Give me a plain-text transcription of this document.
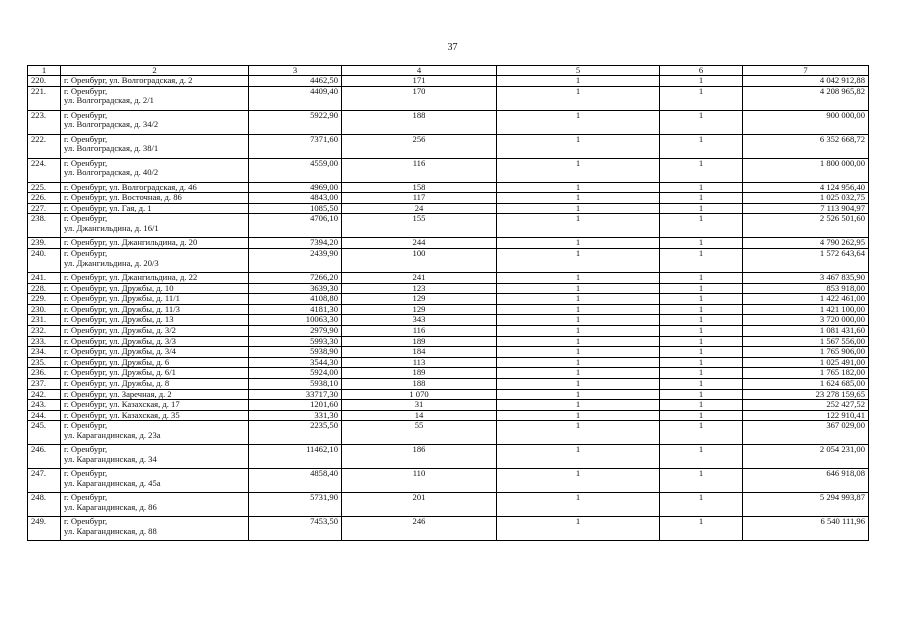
37
1	2	3	4	5	6	7
220.	г. Оренбург, ул. Волгоградская, д. 2	4462,50	171	1	1	4 042 912,88
221.	г. Оренбург,
ул. Волгоградская, д. 2/1	4409,40	170	1	1	4 208 965,82
223.	г. Оренбург,
ул. Волгоградская, д. 34/2	5922,90	188	1	1	900 000,00
222.	г. Оренбург,
ул. Волгоградская, д. 38/1	7371,60	256	1	1	6 352 668,72
224.	г. Оренбург,
ул. Волгоградская, д. 40/2	4559,00	116	1	1	1 800 000,00
225.	г. Оренбург, ул. Волгоградская, д. 46	4969,00	158	1	1	4 124 956,40
226.	г. Оренбург, ул. Восточная, д. 86	4843,00	117	1	1	1 025 032,75
227.	г. Оренбург, ул. Гая, д. 1	1085,50	24	1	1	7 113 904,97
238.	г. Оренбург,
ул. Джангильдина, д. 16/1	4706,10	155	1	1	2 526 501,60
239.	г. Оренбург, ул. Джангильдина, д. 20	7394,20	244	1	1	4 790 262,95
240.	г. Оренбург,
ул. Джангильдина, д. 20/3	2439,90	100	1	1	1 572 643,64
241.	г. Оренбург, ул. Джангильдина, д. 22	7266,20	241	1	1	3 467 835,90
228.	г. Оренбург, ул. Дружбы, д. 10	3639,30	123	1	1	853 918,00
229.	г. Оренбург, ул. Дружбы, д. 11/1	4108,80	129	1	1	1 422 461,00
230.	г. Оренбург, ул. Дружбы, д. 11/3	4181,30	129	1	1	1 421 100,00
231.	г. Оренбург, ул. Дружбы, д. 13	10063,30	343	1	1	3 720 000,00
232.	г. Оренбург, ул. Дружбы, д. 3/2	2979,90	116	1	1	1 081 431,60
233.	г. Оренбург, ул. Дружбы, д. 3/3	5993,30	189	1	1	1 567 556,00
234.	г. Оренбург, ул. Дружбы, д. 3/4	5938,90	184	1	1	1 765 906,00
235.	г. Оренбург, ул. Дружбы, д. 6	3544,30	113	1	1	1 025 491,00
236.	г. Оренбург, ул. Дружбы, д. 6/1	5924,00	189	1	1	1 765 182,00
237.	г. Оренбург, ул. Дружбы, д. 8	5938,10	188	1	1	1 624 685,00
242.	г. Оренбург, ул. Заречная, д. 2	33717,30	1 070	1	1	23 278 159,65
243.	г. Оренбург, ул. Казахская, д. 17	1201,60	31	1	1	252 427,52
244.	г. Оренбург, ул. Казахская, д. 35	331,30	14	1	1	122 910,41
245.	г. Оренбург,
ул. Карагандинская, д. 23а	2235,50	55	1	1	367 029,00
246.	г. Оренбург,
ул. Карагандинская, д. 34	11462,10	186	1	1	2 054 231,00
247.	г. Оренбург,
ул. Карагандинская, д. 45а	4858,40	110	1	1	646 918,08
248.	г. Оренбург,
ул. Карагандинская, д. 86	5731,90	201	1	1	5 294 993,87
249.	г. Оренбург,
ул. Карагандинская, д. 88	7453,50	246	1	1	6 540 111,96
